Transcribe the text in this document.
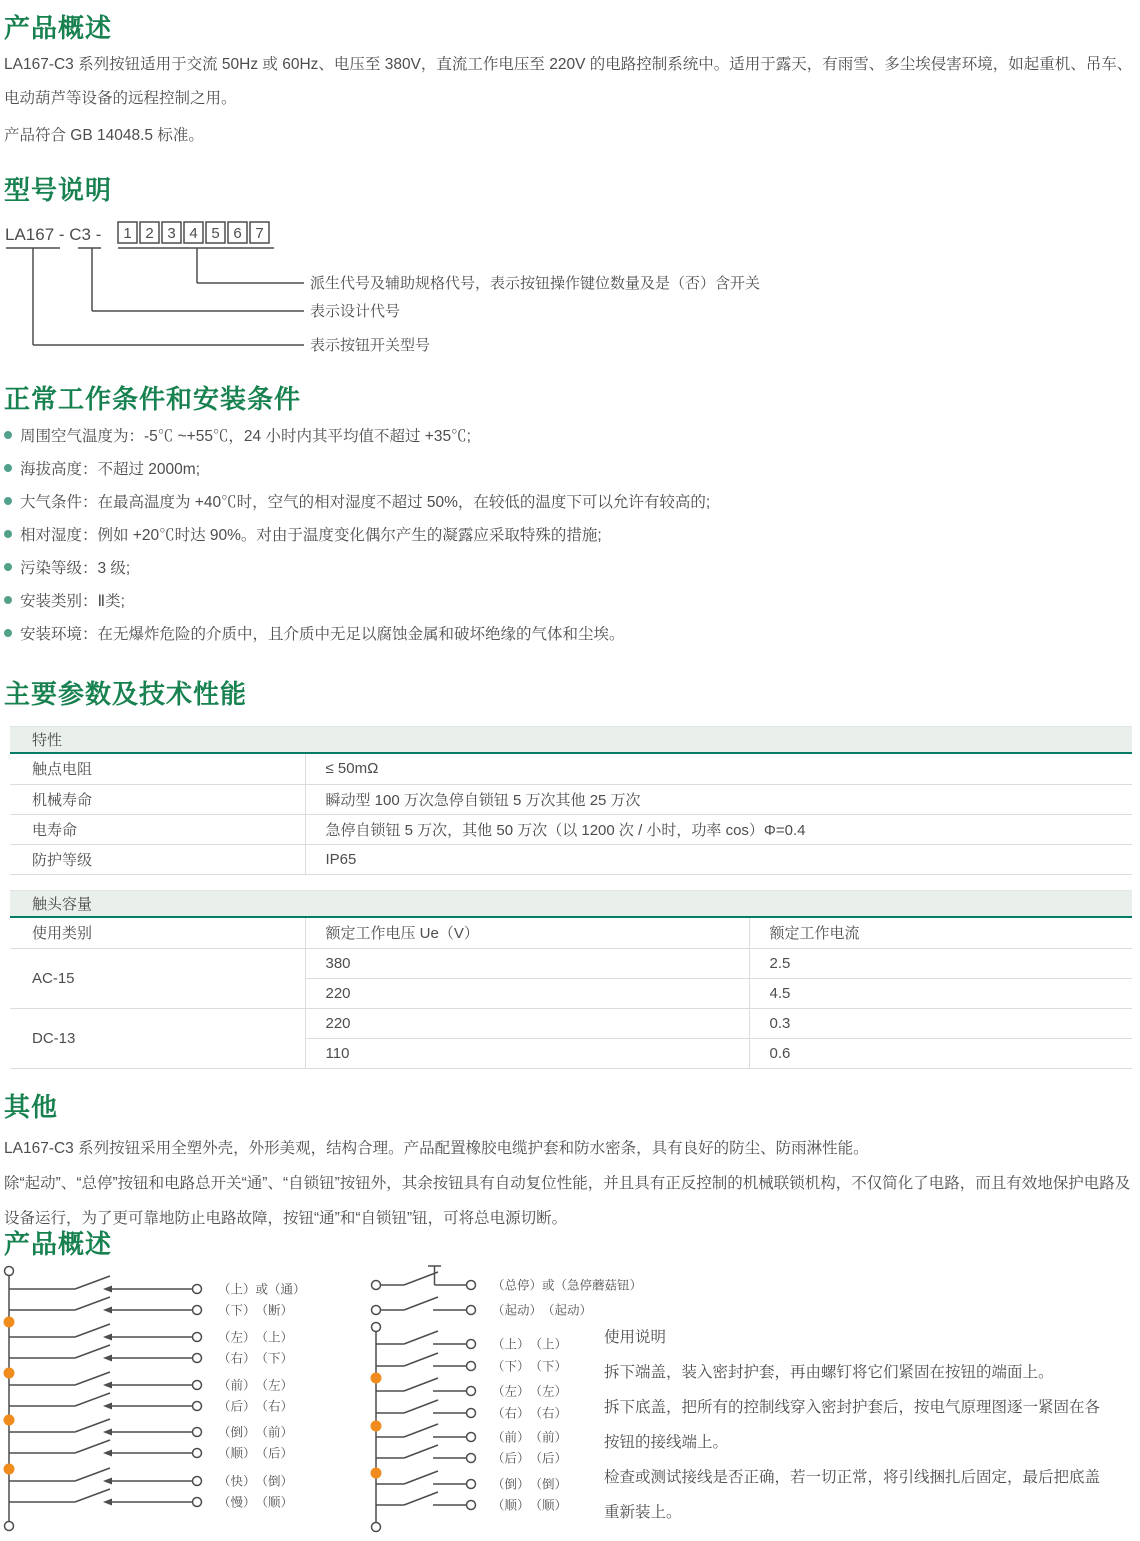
产品概述
LA167-C3 系列按钮适用于交流 50Hz 或 60Hz、电压至 380V，直流工作电压至 220V 的电路控制系统中。适用于露天，有雨雪、多尘埃侵害环境，如起重机、吊车、电动葫芦等设备的远程控制之用。
产品符合 GB 14048.5 标准。
型号说明
LA167 - C3 - 1 2 3 4 5 6 7
派生代号及辅助规格代号，表示按钮操作键位数量及是（否）含开关
表示设计代号
表示按钮开关型号
正常工作条件和安装条件
周围空气温度为：-5℃ ~+55℃，24 小时内其平均值不超过 +35℃;
海拔高度：不超过 2000m;
大气条件：在最高温度为 +40℃时，空气的相对湿度不超过 50%，在较低的温度下可以允许有较高的;
相对湿度：例如 +20℃时达 90%。对由于温度变化偶尔产生的凝露应采取特殊的措施;
污染等级：3 级;
安装类别：Ⅱ类;
安装环境：在无爆炸危险的介质中，且介质中无足以腐蚀金属和破坏绝缘的气体和尘埃。
主要参数及技术性能
特性
触点电阻	≤ 50mΩ
机械寿命	瞬动型 100 万次急停自锁钮 5 万次其他 25 万次
电寿命	急停自锁钮 5 万次，其他 50 万次（以 1200 次 / 小时，功率 cos）Φ=0.4
防护等级	IP65
触头容量
使用类别	额定工作电压 Ue（V）	额定工作电流
AC-15	380	2.5
	220	4.5
DC-13	220	0.3
	110	0.6
其他
LA167-C3 系列按钮采用全塑外壳，外形美观，结构合理。产品配置橡胶电缆护套和防水密条，具有良好的防尘、防雨淋性能。
除“起动”、“总停”按钮和电路总开关“通”、“自锁钮”按钮外，其余按钮具有自动复位性能，并且具有正反控制的机械联锁机构，不仅简化了电路，而且有效地保护电路及设备运行，为了更可靠地防止电路故障，按钮“通”和“自锁钮”钮，可将总电源切断。
产品概述
（上）或（通）
（下）　（断）
（左）　（上）
（右）　（下）
（前）　（左）
（后）　（右）
（倒）　（前）
（顺）　（后）
（快）　（倒）
（慢）　（顺）
（总停）或（急停蘑菇钮）
（起动）　（起动）
（上）　（上）
（下）　（下）
（左）　（左）
（右）　（右）
（前）　（前）
（后）　（后）
（倒）　（倒）
（顺）　（顺）

使用说明

拆下端盖，装入密封护套，再由螺钉将它们紧固在按钮的端面上。

拆下底盖，把所有的控制线穿入密封护套后，按电气原理图逐一紧固在各

按钮的接线端上。

检查或测试接线是否正确，若一切正常，将引线捆扎后固定，最后把底盖

重新装上。
